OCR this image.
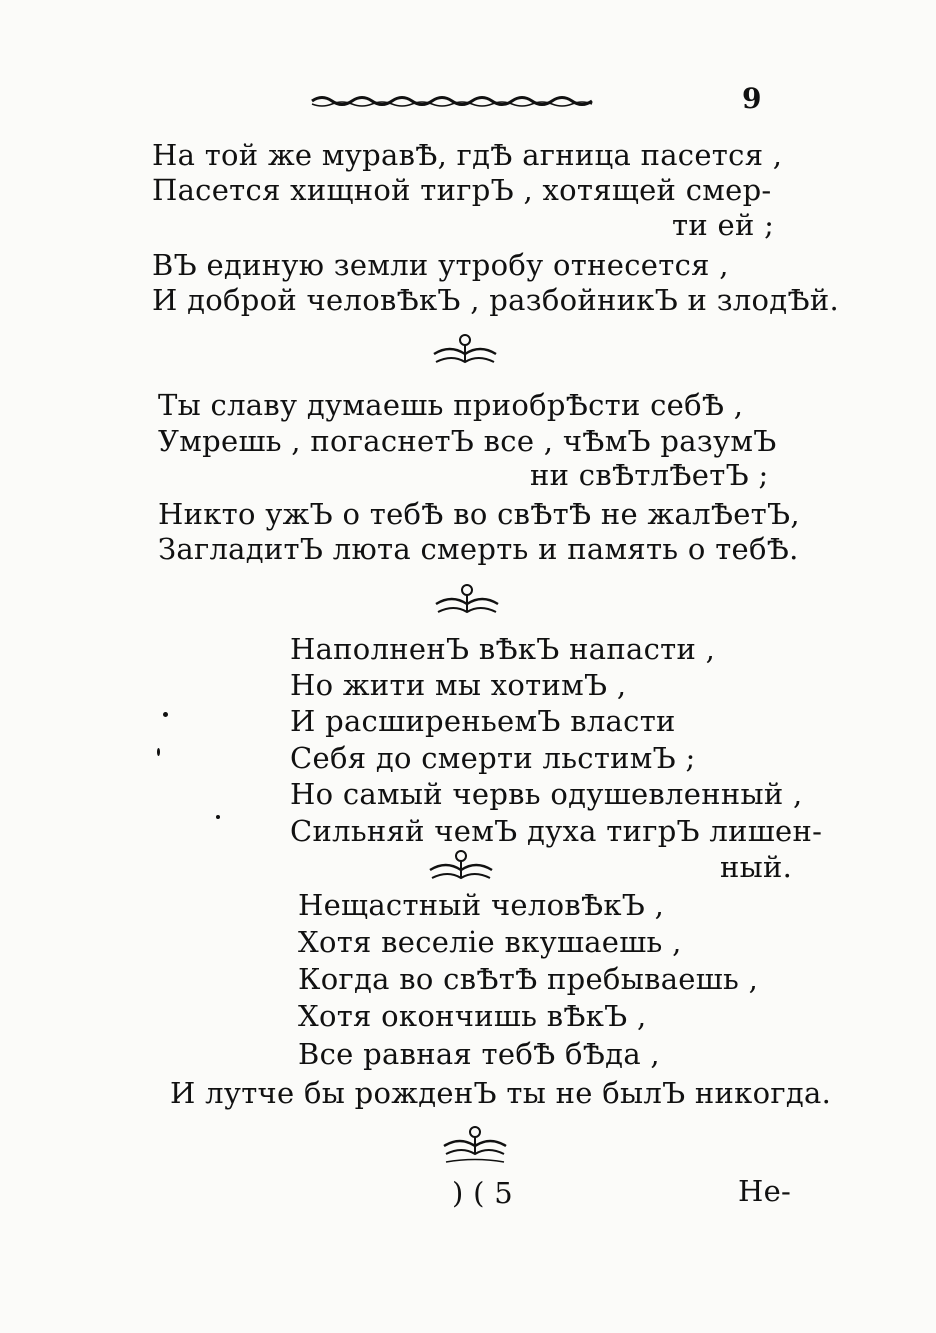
9
На той же муравѢ, гдѢ агница пасется ,
Пасется хищной тигрЪ , хотящей смер-
ти ей ;
ВЪ единую земли утробу отнесется ,
И доброй человѢкЪ , разбойникЪ и злодѢй.
Ты славу думаешь приобрѢсти себѢ ,
Умрешь , погаснетЪ все , чѢмЪ разумЪ
ни свѢтлѢетЪ ;
Никто ужЪ о тебѢ во свѢтѢ не жалѢетЪ,
ЗагладитЪ люта смерть и память о тебѢ.
НаполненЪ вѢкЪ напасти ,
Но жити мы хотимЪ ,
И расширеньемЪ власти
Себя до смерти льстимЪ ;
Но самый червь одушевленный ,
Сильняй чемЪ духа тигрЪ лишен-
ный.
Нещастный человѢкЪ ,
Хотя веселіе вкушаешь ,
Когда во свѢтѢ пребываешь ,
Хотя окончишь вѢкЪ ,
Все равная тебѢ бѢда ,
И лутче бы рожденЪ ты не былЪ никогда.
) ( 5	Не-
